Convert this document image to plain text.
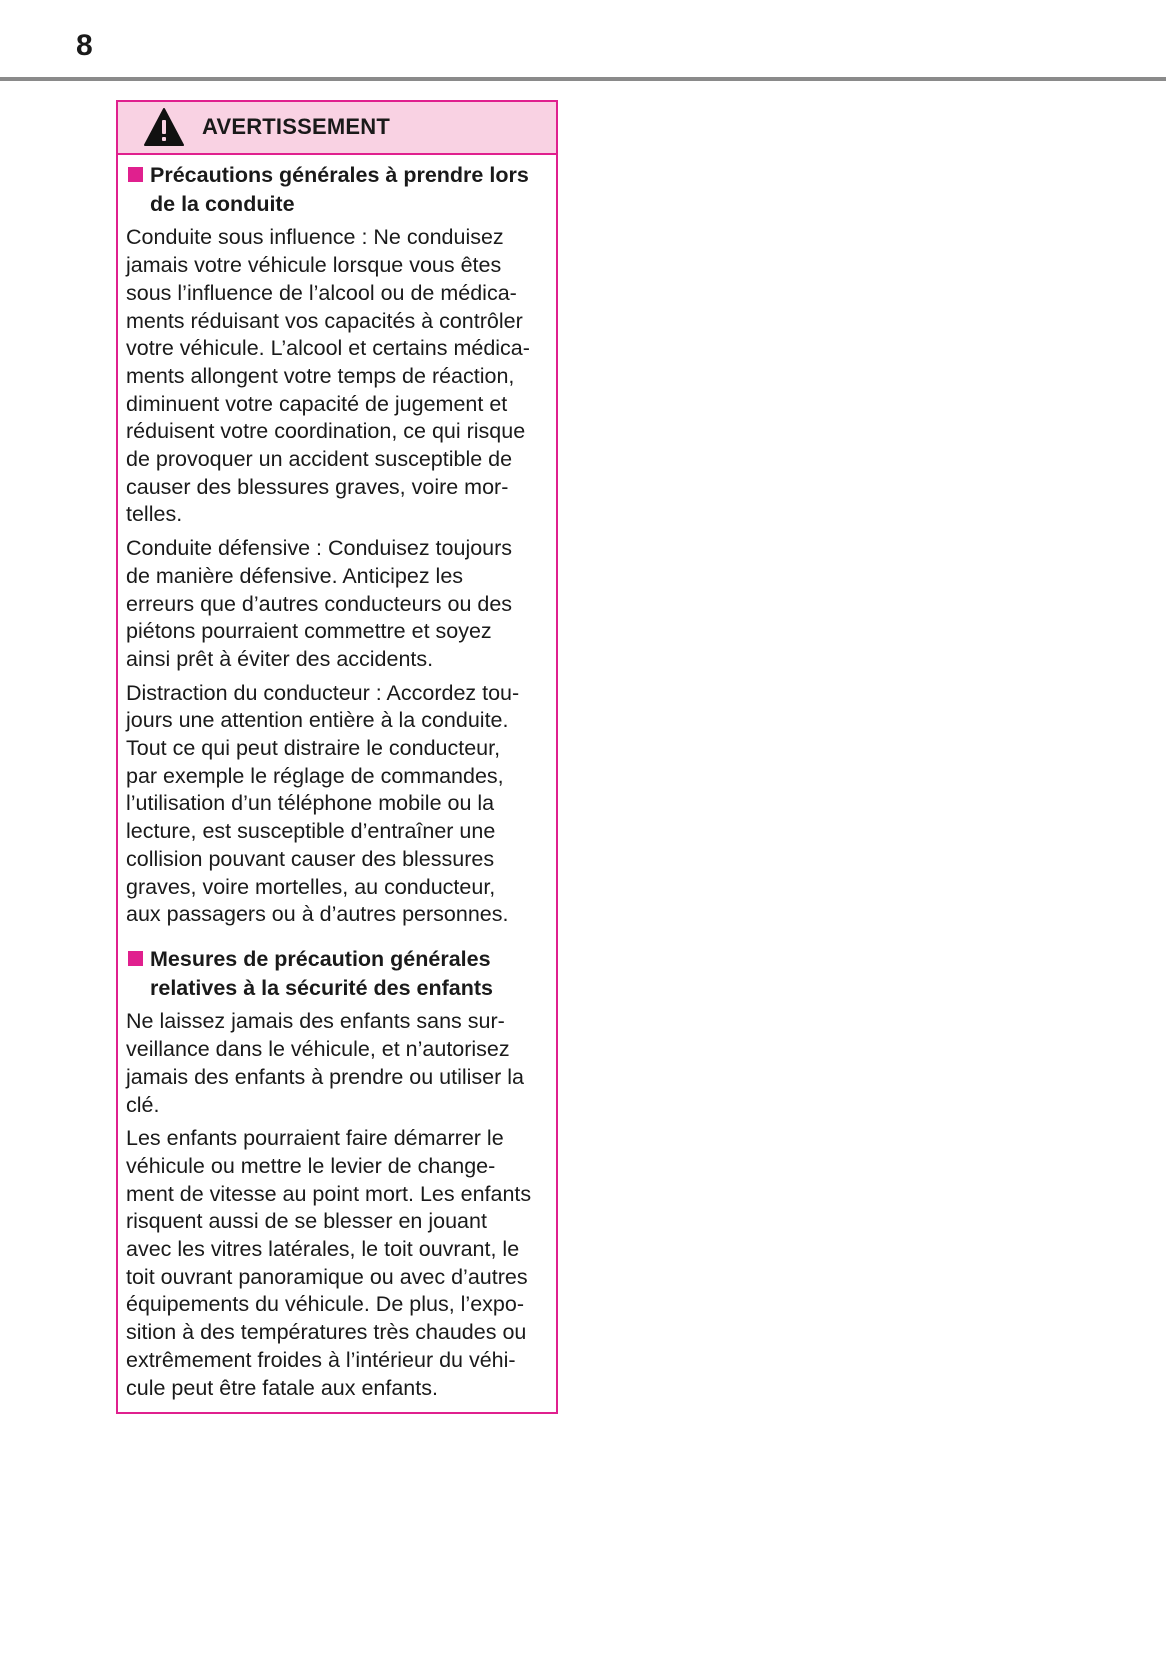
8
AVERTISSEMENT
Précautions générales à prendre lors
de la conduite

Conduite sous influence : Ne conduisez
jamais votre véhicule lorsque vous êtes
sous l’influence de l’alcool ou de médica-
ments réduisant vos capacités à contrôler
votre véhicule. L’alcool et certains médica-
ments allongent votre temps de réaction,
diminuent votre capacité de jugement et
réduisent votre coordination, ce qui risque
de provoquer un accident susceptible de
causer des blessures graves, voire mor-
telles.

Conduite défensive : Conduisez toujours
de manière défensive. Anticipez les
erreurs que d’autres conducteurs ou des
piétons pourraient commettre et soyez
ainsi prêt à éviter des accidents.

Distraction du conducteur : Accordez tou-
jours une attention entière à la conduite.
Tout ce qui peut distraire le conducteur,
par exemple le réglage de commandes,
l’utilisation d’un téléphone mobile ou la
lecture, est susceptible d’entraîner une
collision pouvant causer des blessures
graves, voire mortelles, au conducteur,
aux passagers ou à d’autres personnes.

Mesures de précaution générales
relatives à la sécurité des enfants

Ne laissez jamais des enfants sans sur-
veillance dans le véhicule, et n’autorisez
jamais des enfants à prendre ou utiliser la
clé.

Les enfants pourraient faire démarrer le
véhicule ou mettre le levier de change-
ment de vitesse au point mort. Les enfants
risquent aussi de se blesser en jouant
avec les vitres latérales, le toit ouvrant, le
toit ouvrant panoramique ou avec d’autres
équipements du véhicule. De plus, l’expo-
sition à des températures très chaudes ou
extrêmement froides à l’intérieur du véhi-
cule peut être fatale aux enfants.
